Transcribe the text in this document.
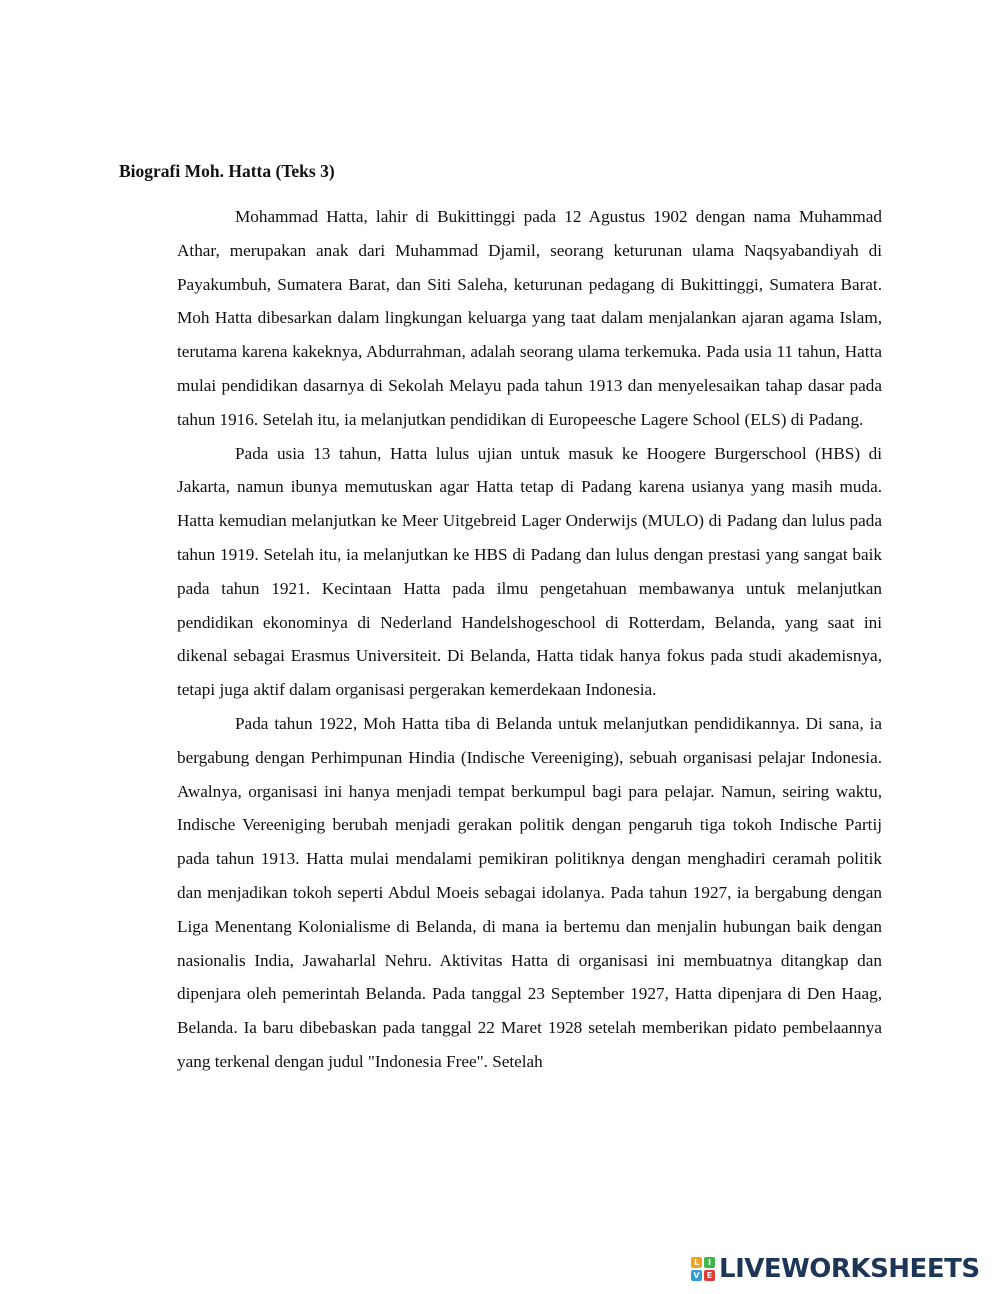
Biografi Moh. Hatta (Teks 3)

Mohammad Hatta, lahir di Bukittinggi pada 12 Agustus 1902 dengan nama Muhammad Athar, merupakan anak dari Muhammad Djamil, seorang keturunan ulama Naqsyabandiyah di Payakumbuh, Sumatera Barat, dan Siti Saleha, keturunan pedagang di Bukittinggi, Sumatera Barat. Moh Hatta dibesarkan dalam lingkungan keluarga yang taat dalam menjalankan ajaran agama Islam, terutama karena kakeknya, Abdurrahman, adalah seorang ulama terkemuka. Pada usia 11 tahun, Hatta mulai pendidikan dasarnya di Sekolah Melayu pada tahun 1913 dan menyelesaikan tahap dasar pada tahun 1916. Setelah itu, ia melanjutkan pendidikan di Europeesche Lagere School (ELS) di Padang.

Pada usia 13 tahun, Hatta lulus ujian untuk masuk ke Hoogere Burgerschool (HBS) di Jakarta, namun ibunya memutuskan agar Hatta tetap di Padang karena usianya yang masih muda. Hatta kemudian melanjutkan ke Meer Uitgebreid Lager Onderwijs (MULO) di Padang dan lulus pada tahun 1919. Setelah itu, ia melanjutkan ke HBS di Padang dan lulus dengan prestasi yang sangat baik pada tahun 1921. Kecintaan Hatta pada ilmu pengetahuan membawanya untuk melanjutkan pendidikan ekonominya di Nederland Handelshogeschool di Rotterdam, Belanda, yang saat ini dikenal sebagai Erasmus Universiteit. Di Belanda, Hatta tidak hanya fokus pada studi akademisnya, tetapi juga aktif dalam organisasi pergerakan kemerdekaan Indonesia.

Pada tahun 1922, Moh Hatta tiba di Belanda untuk melanjutkan pendidikannya. Di sana, ia bergabung dengan Perhimpunan Hindia (Indische Vereeniging), sebuah organisasi pelajar Indonesia. Awalnya, organisasi ini hanya menjadi tempat berkumpul bagi para pelajar. Namun, seiring waktu, Indische Vereeniging berubah menjadi gerakan politik dengan pengaruh tiga tokoh Indische Partij pada tahun 1913. Hatta mulai mendalami pemikiran politiknya dengan menghadiri ceramah politik dan menjadikan tokoh seperti Abdul Moeis sebagai idolanya. Pada tahun 1927, ia bergabung dengan Liga Menentang Kolonialisme di Belanda, di mana ia bertemu dan menjalin hubungan baik dengan nasionalis India, Jawaharlal Nehru. Aktivitas Hatta di organisasi ini membuatnya ditangkap dan dipenjara oleh pemerintah Belanda. Pada tanggal 23 September 1927, Hatta dipenjara di Den Haag, Belanda. Ia baru dibebaskan pada tanggal 22 Maret 1928 setelah memberikan pidato pembelaannya yang terkenal dengan judul "Indonesia Free". Setelah

L	I
V E LIVEWORKSHEETS
